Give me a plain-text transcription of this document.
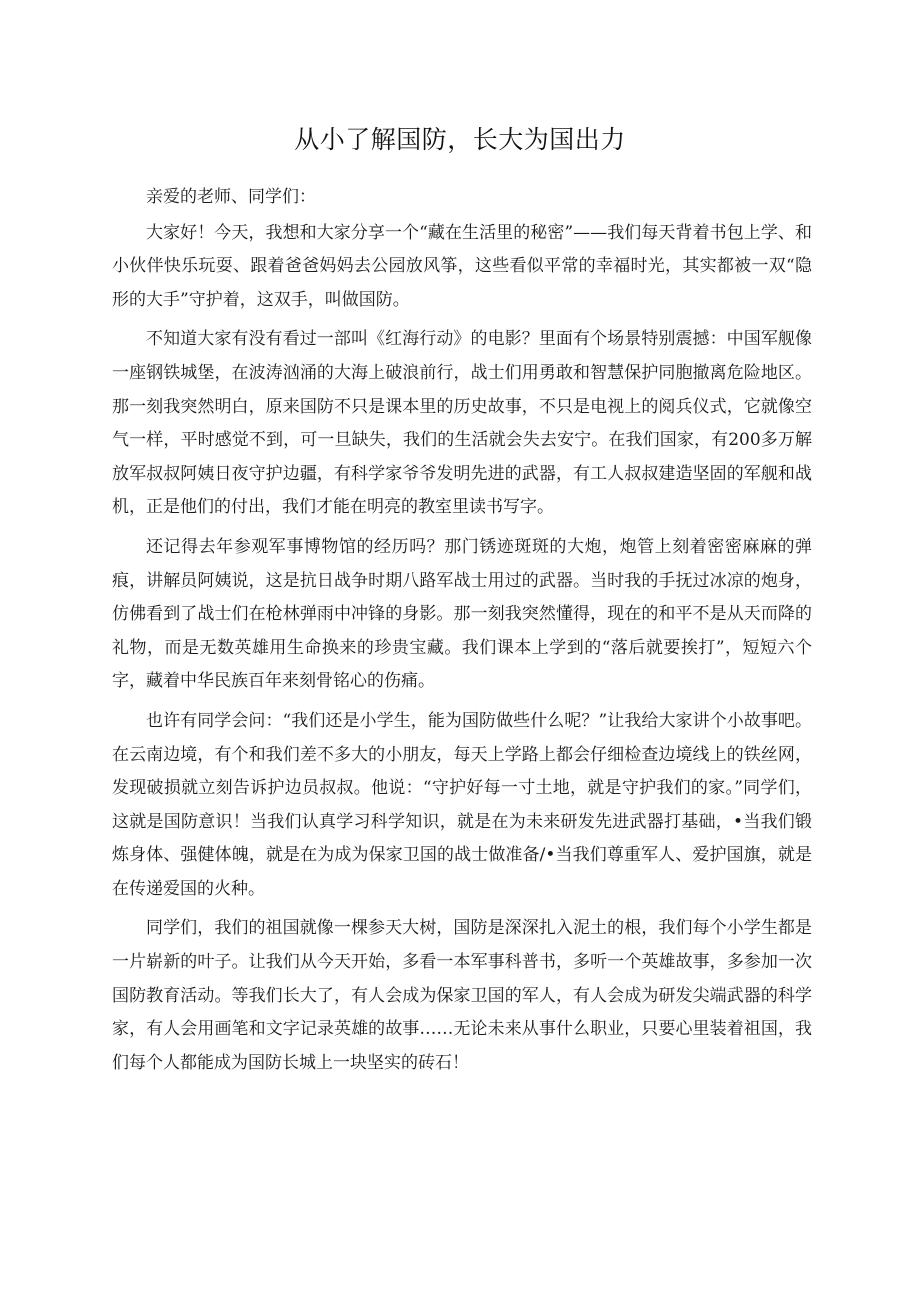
从小了解国防，长大为国出力

亲爱的老师、同学们：

大家好！今天，我想和大家分享一个“藏在生活里的秘密”——我们每天背着书包上学、和小伙伴快乐玩耍、跟着爸爸妈妈去公园放风筝，这些看似平常的幸福时光，其实都被一双“隐形的大手”守护着，这双手，叫做国防。

不知道大家有没有看过一部叫《红海行动》的电影？里面有个场景特别震撼：中国军舰像一座钢铁城堡，在波涛汹涌的大海上破浪前行，战士们用勇敢和智慧保护同胞撤离危险地区。那一刻我突然明白，原来国防不只是课本里的历史故事，不只是电视上的阅兵仪式，它就像空气一样，平时感觉不到，可一旦缺失，我们的生活就会失去安宁。在我们国家，有200多万解放军叔叔阿姨日夜守护边疆，有科学家爷爷发明先进的武器，有工人叔叔建造坚固的军舰和战机，正是他们的付出，我们才能在明亮的教室里读书写字。

还记得去年参观军事博物馆的经历吗？那门锈迹斑斑的大炮，炮管上刻着密密麻麻的弹痕，讲解员阿姨说，这是抗日战争时期八路军战士用过的武器。当时我的手抚过冰凉的炮身，仿佛看到了战士们在枪林弹雨中冲锋的身影。那一刻我突然懂得，现在的和平不是从天而降的礼物，而是无数英雄用生命换来的珍贵宝藏。我们课本上学到的“落后就要挨打”，短短六个字，藏着中华民族百年来刻骨铭心的伤痛。

也许有同学会问：“我们还是小学生，能为国防做些什么呢？”让我给大家讲个小故事吧。在云南边境，有个和我们差不多大的小朋友，每天上学路上都会仔细检查边境线上的铁丝网，发现破损就立刻告诉护边员叔叔。他说：“守护好每一寸土地，就是守护我们的家。”同学们，这就是国防意识！当我们认真学习科学知识，就是在为未来研发先进武器打基础，•当我们锻炼身体、强健体魄，就是在为成为保家卫国的战士做准备/•当我们尊重军人、爱护国旗，就是在传递爱国的火种。

同学们，我们的祖国就像一棵参天大树，国防是深深扎入泥土的根，我们每个小学生都是一片崭新的叶子。让我们从今天开始，多看一本军事科普书，多听一个英雄故事，多参加一次国防教育活动。等我们长大了，有人会成为保家卫国的军人，有人会成为研发尖端武器的科学家，有人会用画笔和文字记录英雄的故事……无论未来从事什么职业，只要心里装着祖国，我们每个人都能成为国防长城上一块坚实的砖石！
